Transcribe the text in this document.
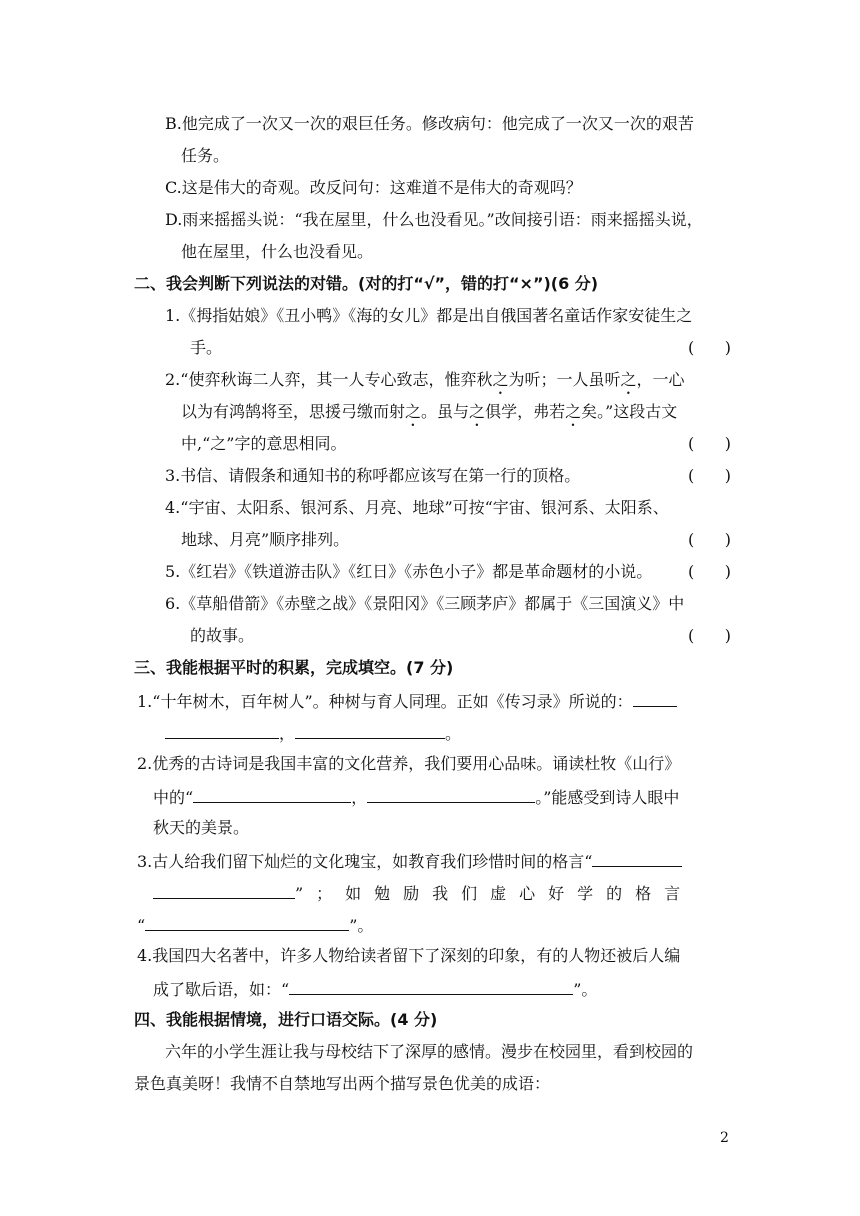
B.他完成了一次又一次的艰巨任务。修改病句：他完成了一次又一次的艰苦
任务。
C.这是伟大的奇观。改反问句：这难道不是伟大的奇观吗？
D.雨来摇摇头说：“我在屋里，什么也没看见。”改间接引语：雨来摇摇头说，
他在屋里，什么也没看见。
二、我会判断下列说法的对错。(对的打“√”，错的打“×”)(6 分)
1.《拇指姑娘》《丑小鸭》《海的女儿》都是出自俄国著名童话作家安徒生之
手。	(      )
2.“使弈秋诲二人弈，其一人专心致志，惟弈秋之为听；一人虽听之，一心
以为有鸿鹄将至，思援弓缴而射之。虽与之俱学，弗若之矣。”这段古文
中,“之”字的意思相同。	(      )
3.书信、请假条和通知书的称呼都应该写在第一行的顶格。	(      )
4.“宇宙、太阳系、银河系、月亮、地球”可按“宇宙、银河系、太阳系、
地球、月亮”顺序排列。	(      )
5.《红岩》《铁道游击队》《红日》《赤色小子》都是革命题材的小说。 (      )
6.《草船借箭》《赤壁之战》《景阳冈》《三顾茅庐》都属于《三国演义》中
的故事。	(      )
三、我能根据平时的积累，完成填空。(7 分)
1.“十年树木，百年树人”。种树与育人同理。正如《传习录》所说的：
，	。
2.优秀的古诗词是我国丰富的文化营养，我们要用心品味。诵读杜牧《山行》
中的“	，	。”能感受到诗人眼中
秋天的美景。
3.古人给我们留下灿烂的文化瑰宝，如教育我们珍惜时间的格言“
”；如勉励我们虚心好学的格言
“	”。
4.我国四大名著中，许多人物给读者留下了深刻的印象，有的人物还被后人编
成了歇后语，如：“	”。
四、我能根据情境，进行口语交际。(4 分)
六年的小学生涯让我与母校结下了深厚的感情。漫步在校园里，看到校园的
景色真美呀！我情不自禁地写出两个描写景色优美的成语：
2
